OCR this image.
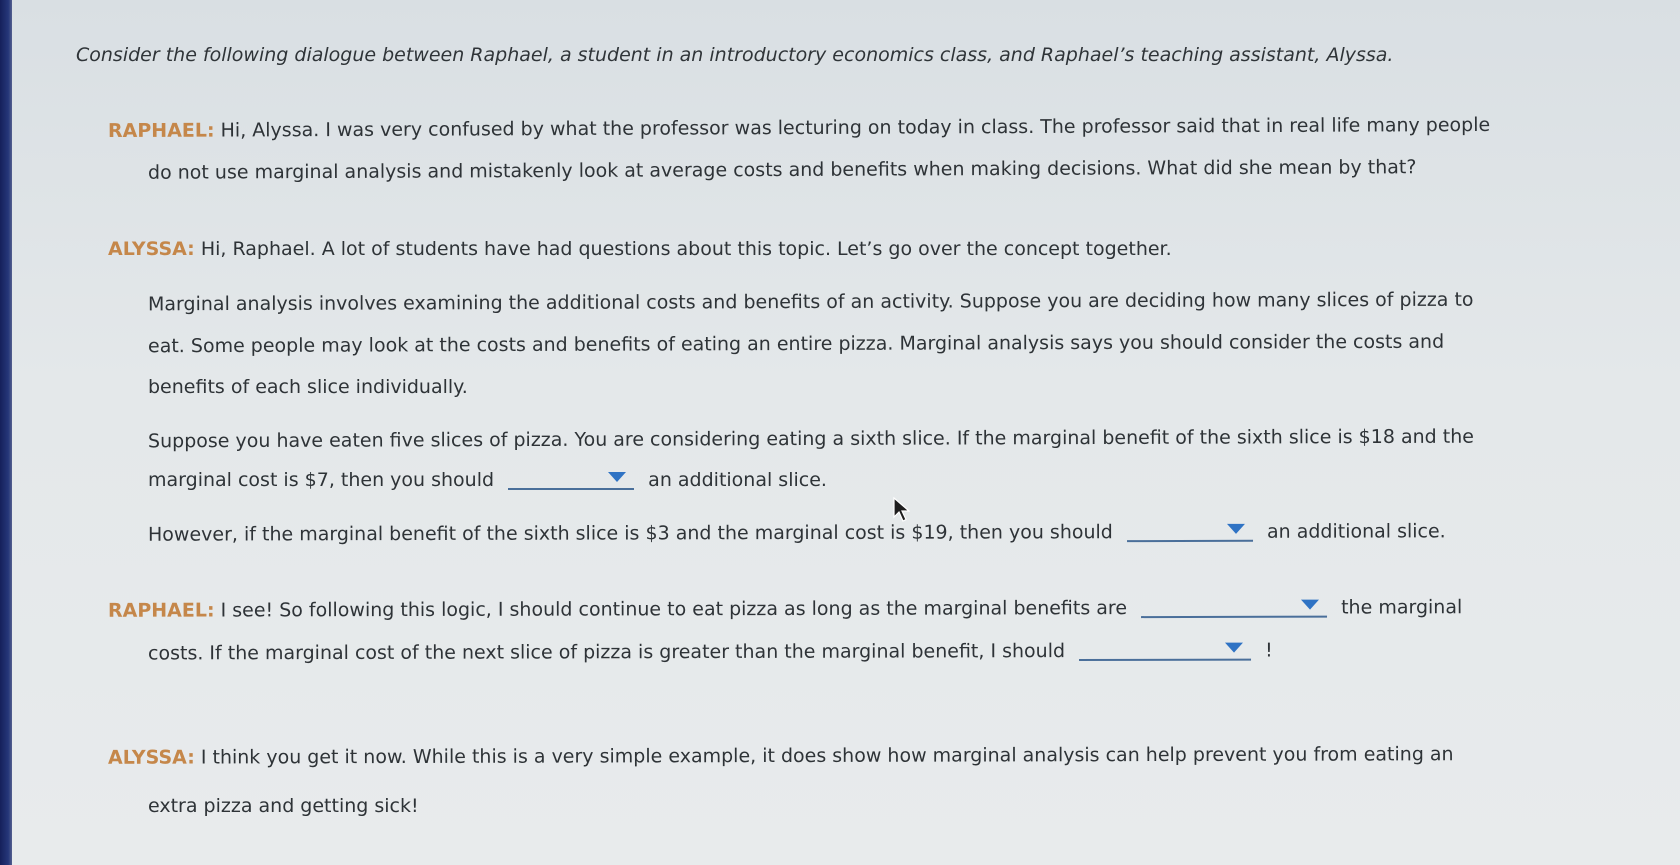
Consider the following dialogue between Raphael, a student in an introductory economics class, and Raphael’s teaching assistant, Alyssa.
RAPHAEL: Hi, Alyssa. I was very confused by what the professor was lecturing on today in class. The professor said that in real life many people
do not use marginal analysis and mistakenly look at average costs and benefits when making decisions. What did she mean by that?
ALYSSA: Hi, Raphael. A lot of students have had questions about this topic. Let’s go over the concept together.
Marginal analysis involves examining the additional costs and benefits of an activity. Suppose you are deciding how many slices of pizza to
eat. Some people may look at the costs and benefits of eating an entire pizza. Marginal analysis says you should consider the costs and
benefits of each slice individually.
Suppose you have eaten five slices of pizza. You are considering eating a sixth slice. If the marginal benefit of the sixth slice is $18 and the
marginal cost is $7, then you should	an additional slice.
However, if the marginal benefit of the sixth slice is $3 and the marginal cost is $19, then you should	an additional slice.
RAPHAEL: I see! So following this logic, I should continue to eat pizza as long as the marginal benefits are	the marginal
costs. If the marginal cost of the next slice of pizza is greater than the marginal benefit, I should	!
ALYSSA: I think you get it now. While this is a very simple example, it does show how marginal analysis can help prevent you from eating an
extra pizza and getting sick!
